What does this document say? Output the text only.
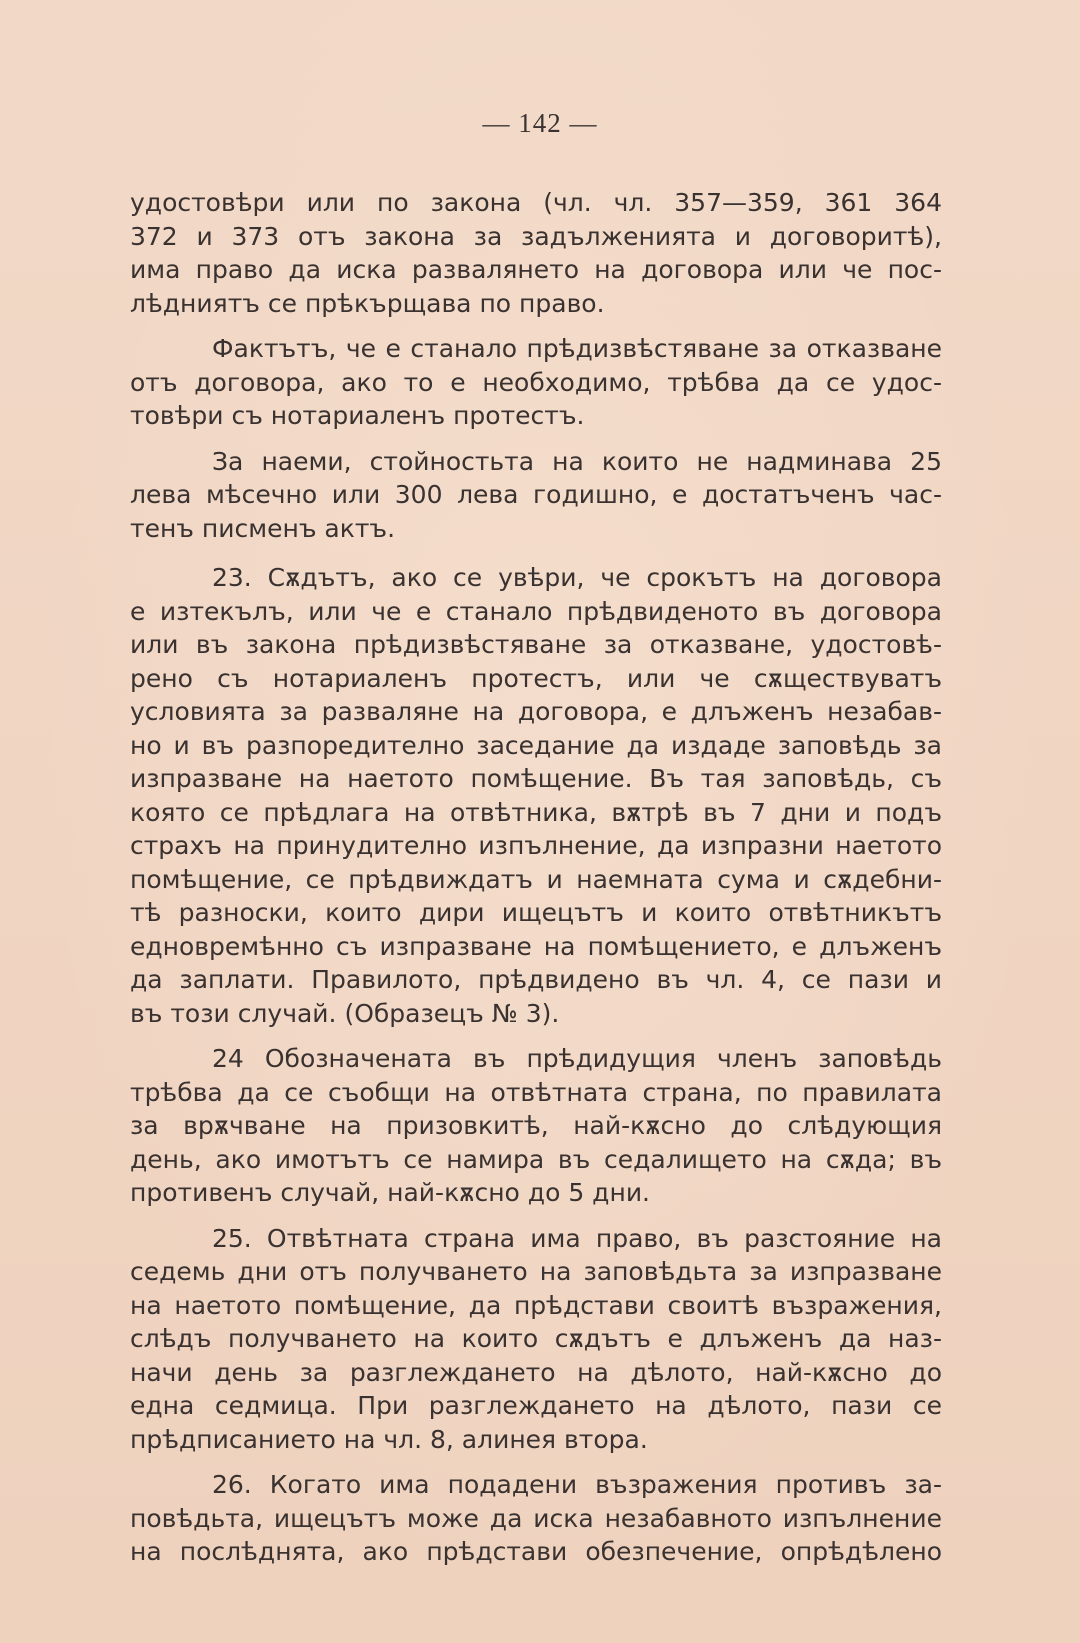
— 142 —
удостовѣри или по закона (чл. чл. 357—359, 361 364
372 и 373 отъ закона за задълженията и договоритѣ),
има право да иска развалянето на договора или че пос-
лѣдниятъ се прѣкърщава по право.
Фактътъ, че е станало прѣдизвѣстяване за отказване
отъ договора, ако то е необходимо, трѣбва да се удос-
товѣри съ нотариаленъ протестъ.
За наеми, стойностьта на които не надминава 25
лева мѣсечно или 300 лева годишно, е достатъченъ час-
тенъ писменъ актъ.
23. Сѫдътъ, ако се увѣри, че срокътъ на договора
е изтекълъ, или че е станало прѣдвиденото въ договора
или въ закона прѣдизвѣстяване за отказване, удостовѣ-
рено съ нотариаленъ протестъ, или че сѫществуватъ
условията за разваляне на договора, е длъженъ незабав-
но и въ разпоредително заседание да издаде заповѣдь за
изпразване на наетото помѣщение. Въ тая заповѣдь, съ
която се прѣдлага на отвѣтника, вѫтрѣ въ 7 дни и подъ
страхъ на принудително изпълнение, да изпразни наетото
помѣщение, се прѣдвиждатъ и наемната сума и сѫдебни-
тѣ разноски, които дири ищецътъ и които отвѣтникътъ
едновремѣнно съ изпразване на помѣщението, е длъженъ
да заплати. Правилото, прѣдвидено въ чл. 4, се пази и
въ този случай. (Образецъ № 3).
24 Обозначената въ прѣдидущия членъ заповѣдь
трѣбва да се съобщи на отвѣтната страна, по правилата
за врѫчване на призовкитѣ, най-кѫсно до слѣдующия
день, ако имотътъ се намира въ седалището на сѫда; въ
противенъ случай, най-кѫсно до 5 дни.
25. Отвѣтната страна има право, въ разстояние на
седемь дни отъ получването на заповѣдьта за изпразване
на наетото помѣщение, да прѣдстави своитѣ възражения,
слѣдъ получването на които сѫдътъ е длъженъ да наз-
начи день за разглеждането на дѣлото, най-кѫсно до
една седмица. При разглеждането на дѣлото, пази се
прѣдписанието на чл. 8, алинея втора.
26. Когато има подадени възражения противъ за-
повѣдьта, ищецътъ може да иска незабавното изпълнение
на послѣднята, ако прѣдстави обезпечение, опрѣдѣлено
